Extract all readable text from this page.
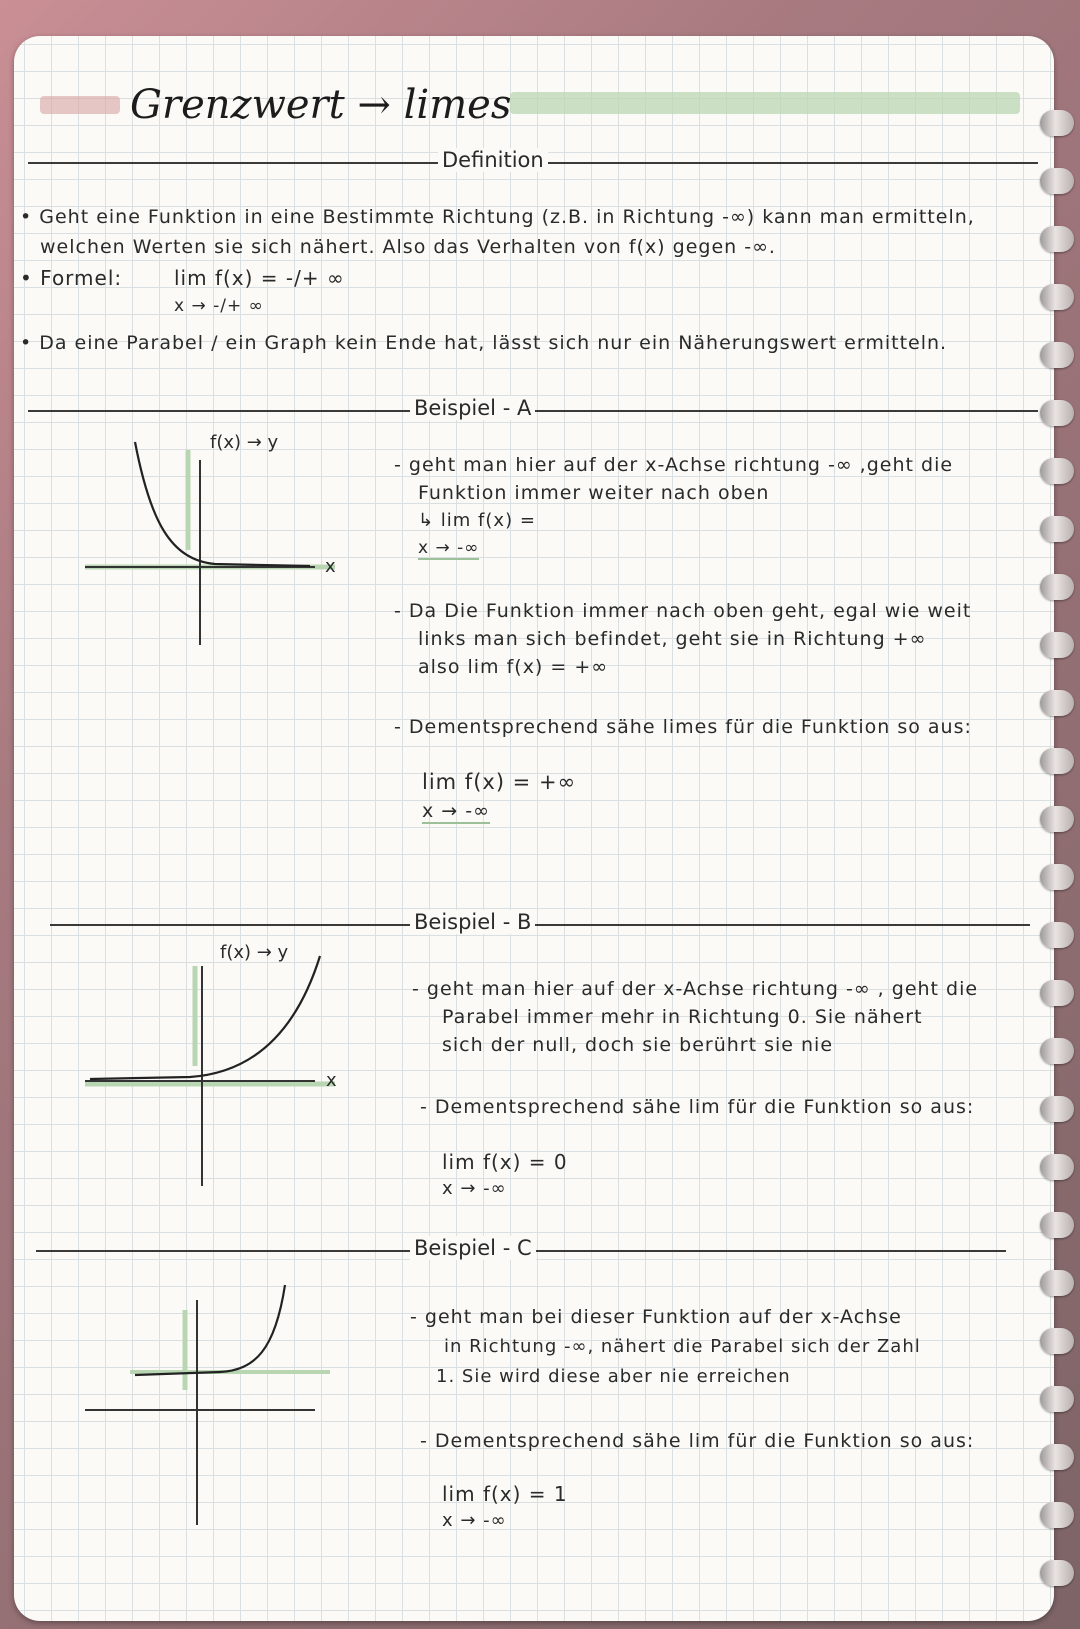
Grenzwert → limes
Definition
• Geht eine Funktion in eine Bestimmte Richtung (z.B. in Richtung -∞) kann man ermitteln,
welchen Werten sie sich nähert. Also das Verhalten von f(x) gegen -∞.
• Formel:	lim f(x) = -/+ ∞
x → -/+ ∞
• Da eine Parabel / ein Graph kein Ende hat, lässt sich nur ein Näherungswert ermitteln.
Beispiel - A
f(x) → y
x
- geht man hier auf der x-Achse richtung -∞ ,geht die
Funktion immer weiter nach oben
↳ lim f(x) =
x → -∞
- Da Die Funktion immer nach oben geht, egal wie weit
links man sich befindet, geht sie in Richtung +∞
also lim f(x) = +∞
- Dementsprechend sähe limes für die Funktion so aus:
lim f(x) = +∞
x → -∞
Beispiel - B
f(x) → y
x
- geht man hier auf der x-Achse richtung -∞ , geht die
Parabel immer mehr in Richtung 0. Sie nähert
sich der null, doch sie berührt sie nie
- Dementsprechend sähe lim für die Funktion so aus:
lim f(x) = 0
x → -∞
Beispiel - C
- geht man bei dieser Funktion auf der x-Achse
in Richtung -∞, nähert die Parabel sich der Zahl
1. Sie wird diese aber nie erreichen
- Dementsprechend sähe lim für die Funktion so aus:
lim f(x) = 1
x → -∞
